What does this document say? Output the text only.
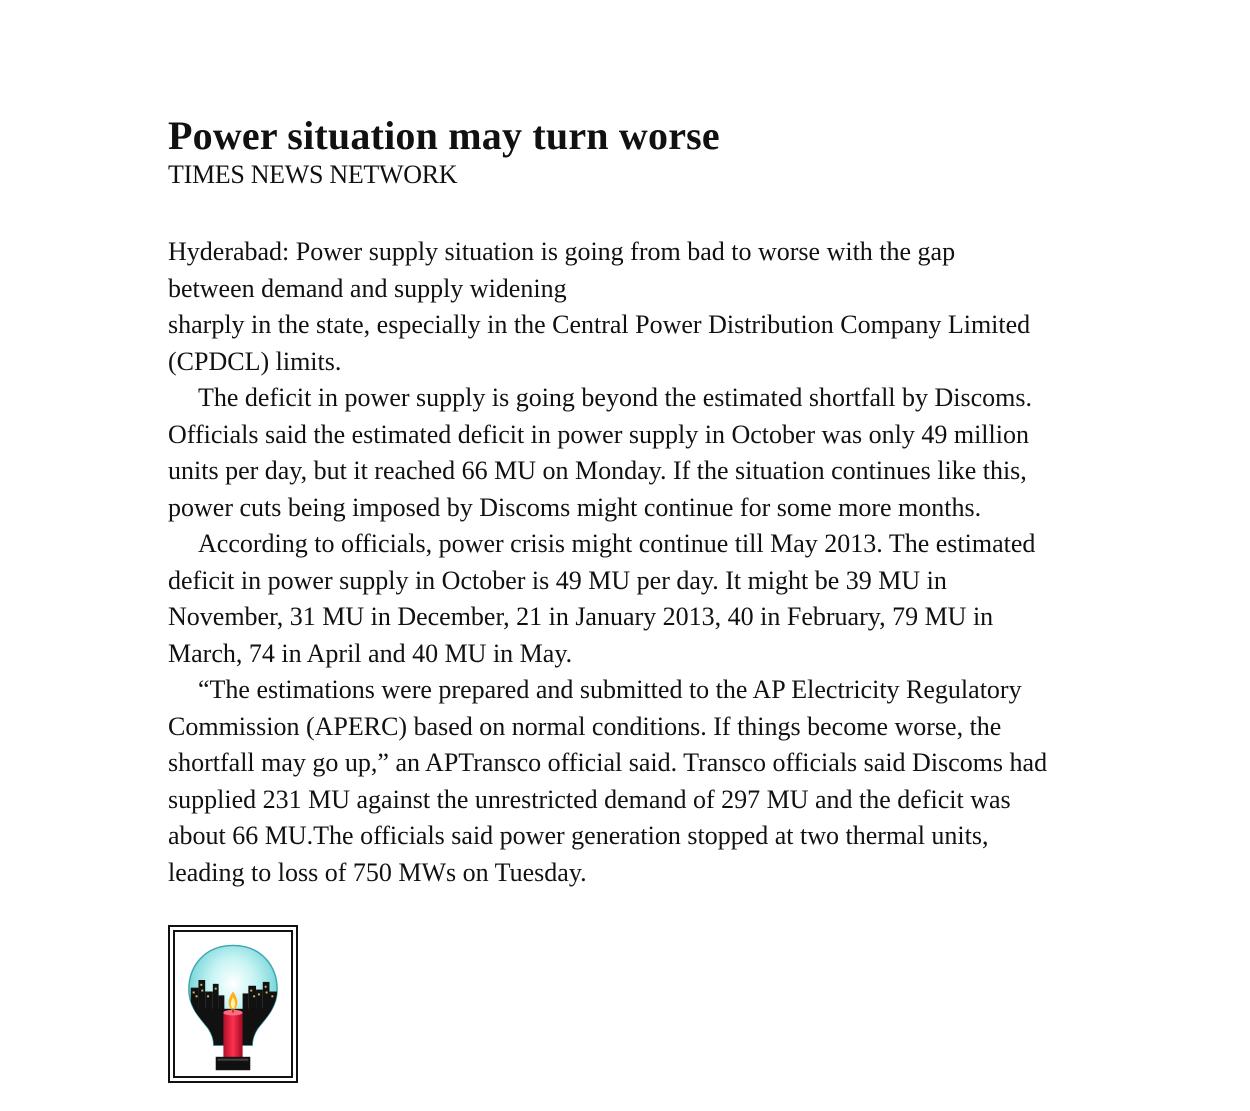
Power situation may turn worse
TIMES NEWS NETWORK

Hyderabad: Power supply situation is going from bad to worse with the gap
between demand and supply widening
sharply in the state, especially in the Central Power Distribution Company Limited
(CPDCL) limits.

The deficit in power supply is going beyond the estimated shortfall by Discoms.
Officials said the estimated deficit in power supply in October was only 49 million
units per day, but it reached 66 MU on Monday. If the situation continues like this,
power cuts being imposed by Discoms might continue for some more months.

According to officials, power crisis might continue till May 2013. The estimated
deficit in power supply in October is 49 MU per day. It might be 39 MU in
November, 31 MU in December, 21 in January 2013, 40 in February, 79 MU in
March, 74 in April and 40 MU in May.

“The estimations were prepared and submitted to the AP Electricity Regulatory
Commission (APERC) based on normal conditions. If things become worse, the
shortfall may go up,” an APTransco official said. Transco officials said Discoms had
supplied 231 MU against the unrestricted demand of 297 MU and the deficit was
about 66 MU.The officials said power generation stopped at two thermal units,
leading to loss of 750 MWs on Tuesday.
